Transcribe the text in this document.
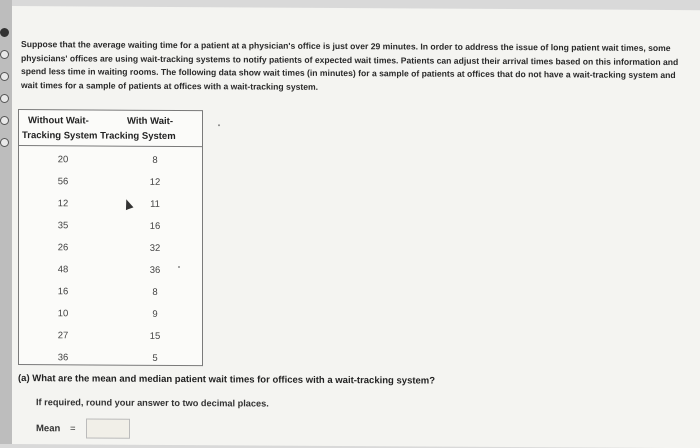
Suppose that the average waiting time for a patient at a physician's office is just over 29 minutes. In order to address the issue of long patient wait times, some physicians' offices are using wait-tracking systems to notify patients of expected wait times. Patients can adjust their arrival times based on this information and spend less time in waiting rooms. The following data show wait times (in minutes) for a sample of patients at offices that do not have a wait-tracking system and wait times for a sample of patients at offices with a wait-tracking system.
Without Wait-	With Wait-
Tracking System Tracking System
20	8
56	12
12	11
35	16
26	32
48	36
16	8
10	9
27	15
36	5
(a) What are the mean and median patient wait times for offices with a wait-tracking system?
If required, round your answer to two decimal places.
Mean =
